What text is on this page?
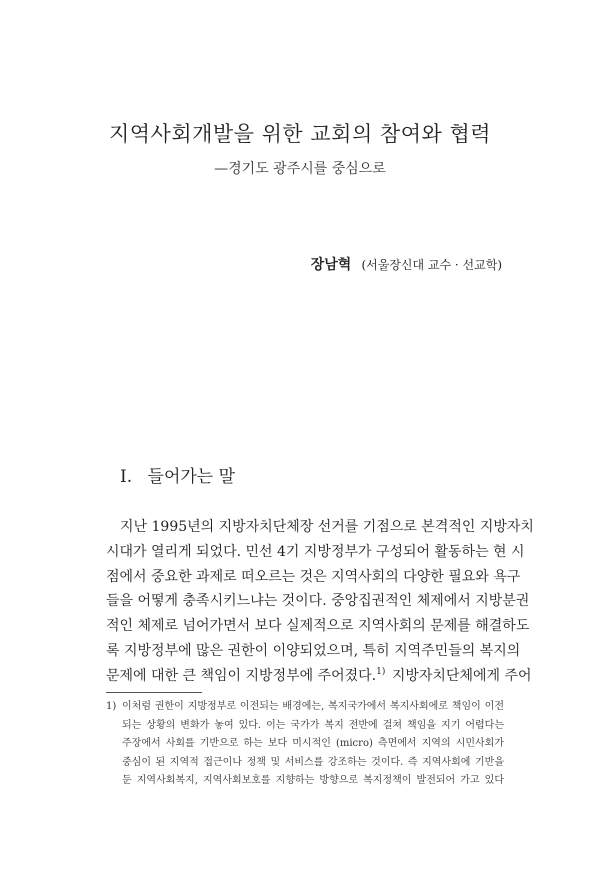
지역사회개발을 위한 교회의 참여와 협력
—경기도 광주시를 중심으로
장남혁 (서울장신대 교수 · 선교학)
I. 들어가는 말
지난 1995년의 지방자치단체장 선거를 기점으로 본격적인 지방자치
시대가 열리게 되었다. 민선 4기 지방정부가 구성되어 활동하는 현 시
점에서 중요한 과제로 떠오르는 것은 지역사회의 다양한 필요와 욕구
들을 어떻게 충족시키느냐는 것이다. 중앙집권적인 체제에서 지방분권
적인 체제로 넘어가면서 보다 실제적으로 지역사회의 문제를 해결하도
록 지방정부에 많은 권한이 이양되었으며, 특히 지역주민들의 복지의
문제에 대한 큰 책임이 지방정부에 주어졌다.$^{1)}$ 지방자치단체에게 주어
1) 이처럼 권한이 지방정부로 이전되는 배경에는, 복지국가에서 복지사회에로 책임이 이전
되는 상황의 변화가 놓여 있다. 이는 국가가 복지 전반에 걸쳐 책임을 지기 어렵다는
주장에서 사회를 기반으로 하는 보다 미시적인 (micro) 측면에서 지역의 시민사회가
중심이 된 지역적 접근이나 정책 및 서비스를 강조하는 것이다. 즉 지역사회에 기반을
둔 지역사회복지, 지역사회보호를 지향하는 방향으로 복지정책이 발전되어 가고 있다
